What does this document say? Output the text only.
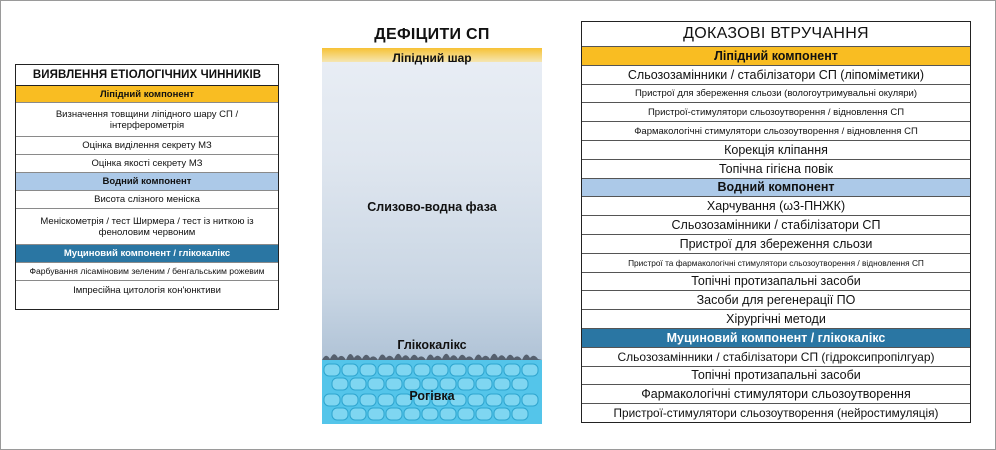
ВИЯВЛЕННЯ ЕТІОЛОГІЧНИХ ЧИННИКІВ
Ліпідний компонент
Визначення товщини ліпідного шару СП / інтерферометрія
Оцінка виділення секрету МЗ
Оцінка якості секрету МЗ
Водний компонент
Висота слізного меніска
Менiскометрія / тест Ширмера / тест із ниткою із феноловим червоним
Муциновий компонент / глікокалікс
Фарбування лісаміновим зеленим / бенгальським рожевим
Імпресійна цитологія кон'юнктиви
ДЕФІЦИТИ СП
Ліпідний шар
Слизово-водна фаза
Глікокалікс
Рогівка
ДОКАЗОВІ ВТРУЧАННЯ
Ліпідний компонент
Сльозозамінники / стабілізатори СП (ліпоміметики)
Пристрої для збереження сльози (вологоутримувальні окуляри)
Пристрої-стимулятори сльозоутворення / відновлення СП
Фармакологічні стимулятори сльозоутворення / відновлення СП
Корекція кліпання
Топічна гігієна повік
Водний компонент
Харчування (ω3-ПНЖК)
Сльозозамінники / стабілізатори СП
Пристрої для збереження сльози
Пристрої та фармакологічні стимулятори сльозоутворення / відновлення СП
Топічні протизапальні засоби
Засоби для регенерації ПО
Хірургічні методи
Муциновий компонент / глікокалікс
Сльозозамінники / стабілізатори СП (гідроксипропілгуар)
Топічні протизапальні засоби
Фармакологічні стимулятори сльозоутворення
Пристрої-стимулятори сльозоутворення (нейростимуляція)
